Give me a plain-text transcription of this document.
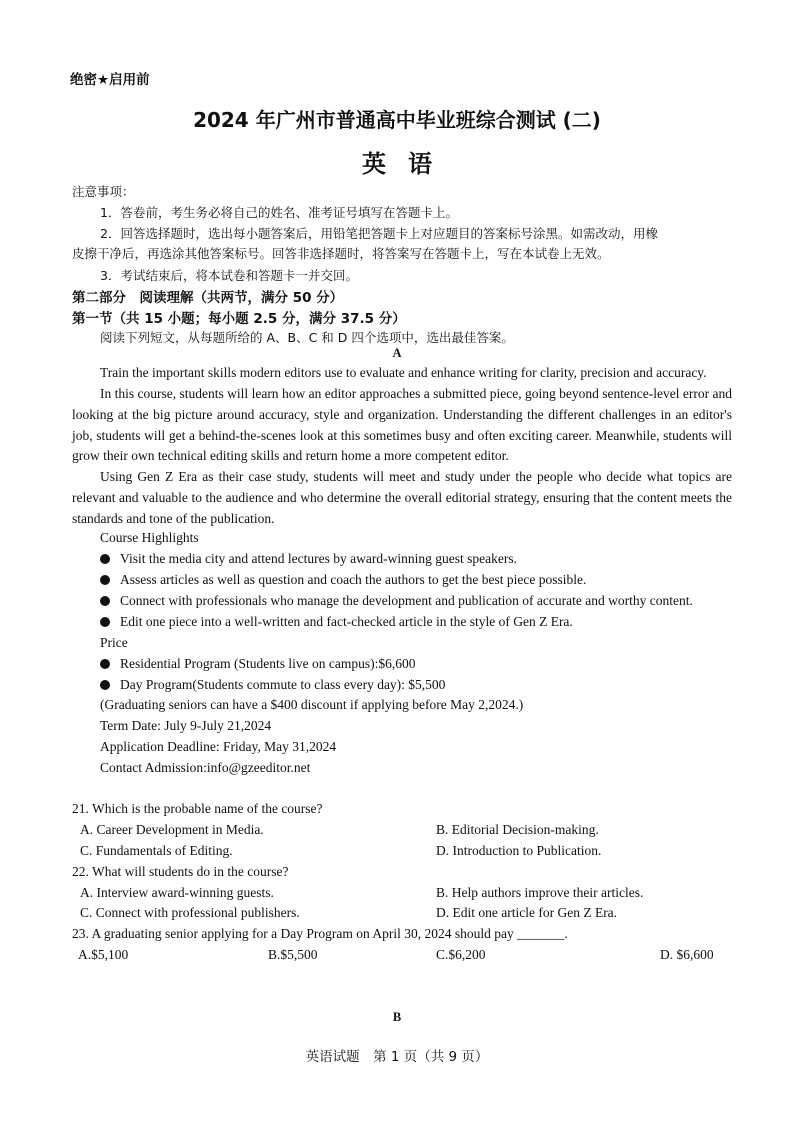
绝密★启用前
2024 年广州市普通高中毕业班综合测试 (二)
英语
注意事项：
1．答卷前，考生务必将自己的姓名、准考证号填写在答题卡上。
2．回答选择题时，选出每小题答案后，用铅笔把答题卡上对应题目的答案标号涂黑。如需改动，用橡
皮擦干净后，再选涂其他答案标号。回答非选择题时，将答案写在答题卡上，写在本试卷上无效。
3．考试结束后，将本试卷和答题卡一并交回。
第二部分　阅读理解（共两节，满分 50 分）
第一节（共 15 小题；每小题 2.5 分，满分 37.5 分）
阅读下列短文，从每题所给的 A、B、C 和 D 四个选项中，选出最佳答案。
A
Train the important skills modern editors use to evaluate and enhance writing for clarity, precision and accuracy.
In this course, students will learn how an editor approaches a submitted piece, going beyond sentence-level error and looking at the big picture around accuracy, style and organization. Understanding the different challenges in an editor's job, students will get a behind-the-scenes look at this sometimes busy and often exciting career. Meanwhile, students will grow their own technical editing skills and return home a more competent editor.
Using Gen Z Era as their case study, students will meet and study under the people who decide what topics are relevant and valuable to the audience and who determine the overall editorial strategy, ensuring that the content meets the standards and tone of the publication.
Course Highlights
Visit the media city and attend lectures by award-winning guest speakers.
Assess articles as well as question and coach the authors to get the best piece possible.
Connect with professionals who manage the development and publication of accurate and worthy content.
Edit one piece into a well-written and fact-checked article in the style of Gen Z Era.
Price
Residential Program (Students live on campus):$6,600
Day Program(Students commute to class every day): $5,500
(Graduating seniors can have a $400 discount if applying before May 2,2024.)
Term Date: July 9-July 21,2024
Application Deadline: Friday, May 31,2024
Contact Admission:info@gzeeditor.net
21. Which is the probable name of the course?
A. Career Development in Media.	B. Editorial Decision-making.
C. Fundamentals of Editing.	D. Introduction to Publication.
22. What will students do in the course?
A. Interview award-winning guests.	B. Help authors improve their articles.
C. Connect with professional publishers.	D. Edit one article for Gen Z Era.
23. A graduating senior applying for a Day Program on April 30, 2024 should pay _______.
A.$5,100	B.$5,500	C.$6,200	D. $6,600
B
英语试题　第 1 页（共 9 页）
